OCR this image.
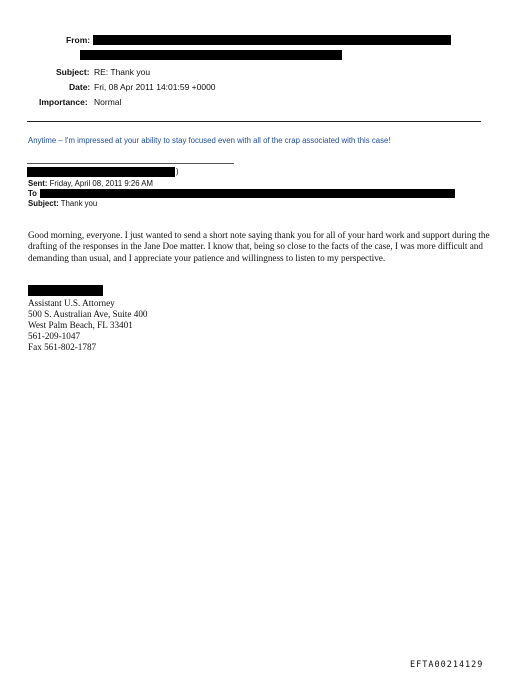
From:
Subject: RE: Thank you
Date: Fri, 08 Apr 2011 14:01:59 +0000
Importance: Normal
Anytime – I'm impressed at your ability to stay focused even with all of the crap associated with this case!
)
Sent: Friday, April 08, 2011 9:26 AM
To
Subject: Thank you
Good morning, everyone. I just wanted to send a short note saying thank you for all of your hard work and support during the drafting of the responses in the Jane Doe matter. I know that, being so close to the facts of the case, I was more difficult and demanding than usual, and I appreciate your patience and willingness to listen to my perspective.
Assistant U.S. Attorney
500 S. Australian Ave, Suite 400
West Palm Beach, FL 33401
561-209-1047
Fax 561-802-1787
EFTA00214129
